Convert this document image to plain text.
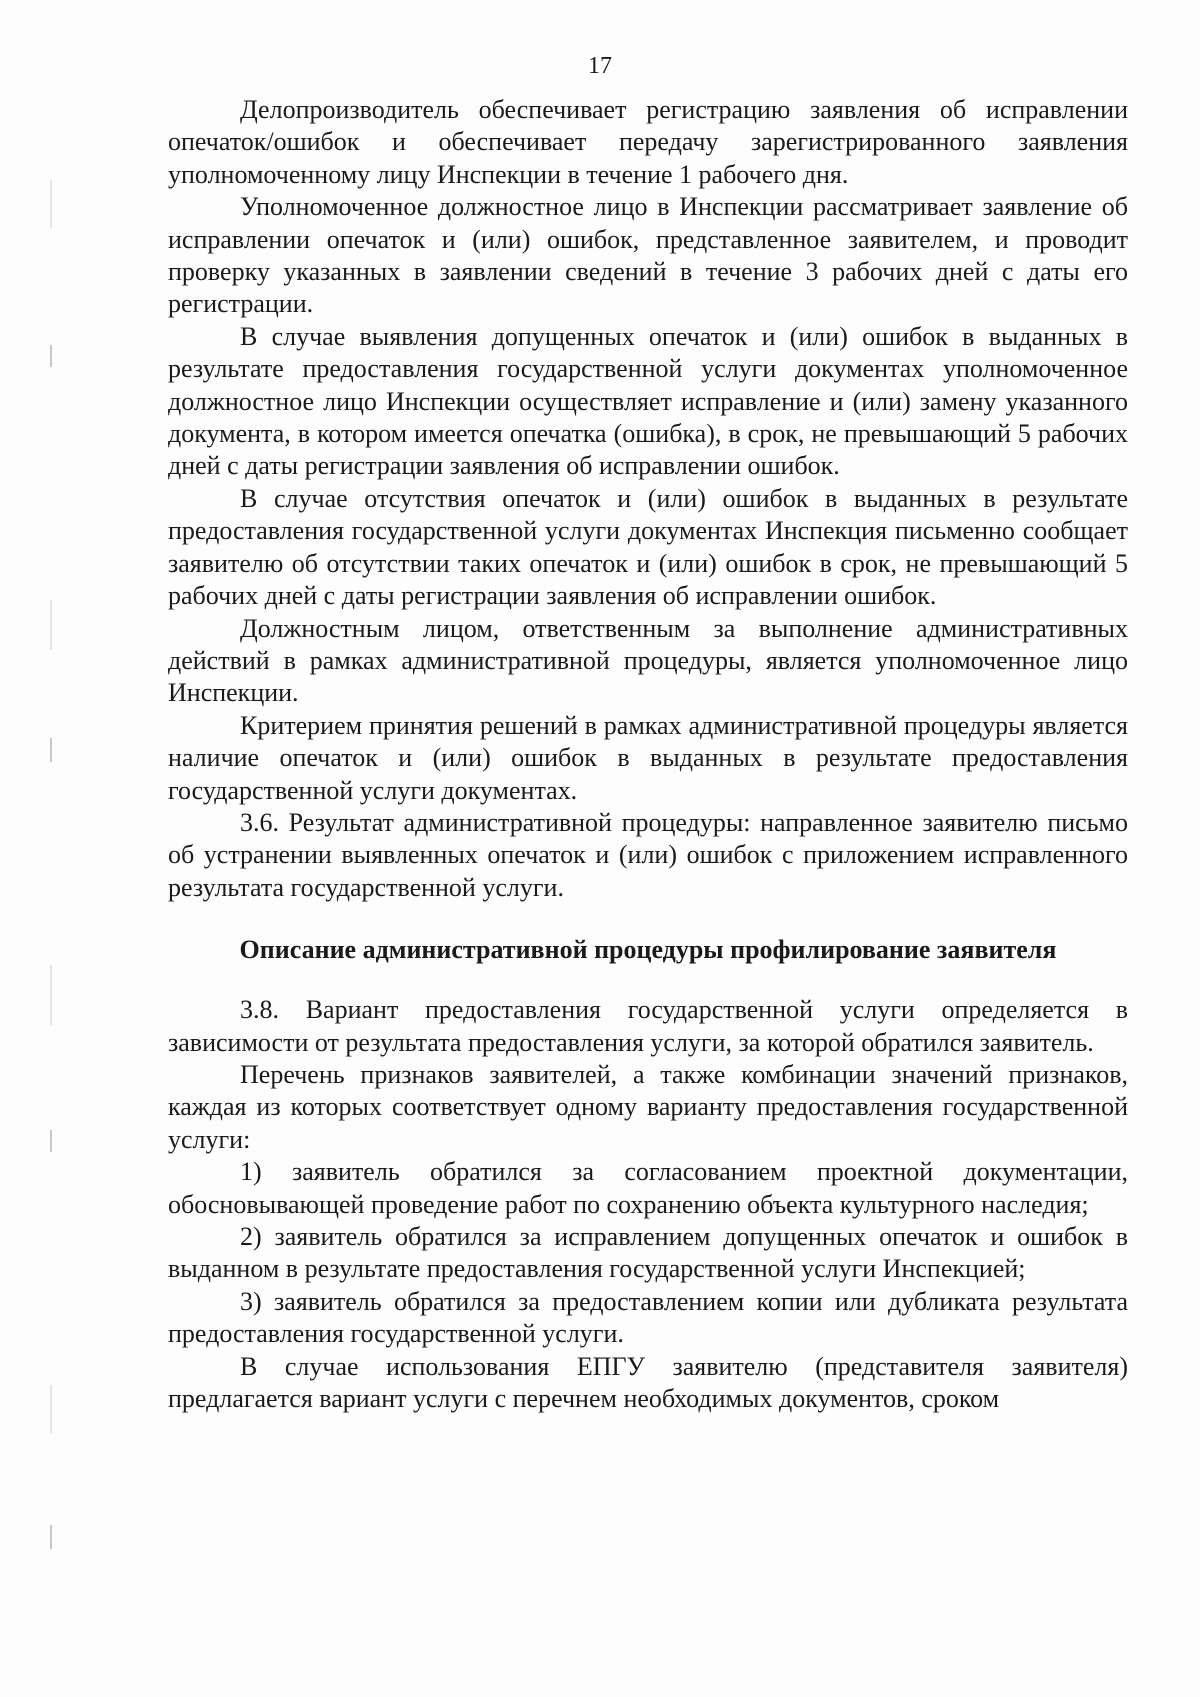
17

Делопроизводитель обеспечивает регистрацию заявления об исправлении опечаток/ошибок и обеспечивает передачу зарегистрированного заявления уполномоченному лицу Инспекции в течение 1 рабочего дня.

Уполномоченное должностное лицо в Инспекции рассматривает заявление об исправлении опечаток и (или) ошибок, представленное заявителем, и проводит проверку указанных в заявлении сведений в течение 3 рабочих дней с даты его регистрации.

В случае выявления допущенных опечаток и (или) ошибок в выданных в результате предоставления государственной услуги документах уполномоченное должностное лицо Инспекции осуществляет исправление и (или) замену указанного документа, в котором имеется опечатка (ошибка), в срок, не превышающий 5 рабочих дней с даты регистрации заявления об исправлении ошибок.

В случае отсутствия опечаток и (или) ошибок в выданных в результате предоставления государственной услуги документах Инспекция письменно сообщает заявителю об отсутствии таких опечаток и (или) ошибок в срок, не превышающий 5 рабочих дней с даты регистрации заявления об исправлении ошибок.

Должностным лицом, ответственным за выполнение административных действий в рамках административной процедуры, является уполномоченное лицо Инспекции.

Критерием принятия решений в рамках административной процедуры является наличие опечаток и (или) ошибок в выданных в результате предоставления государственной услуги документах.

3.6. Результат административной процедуры: направленное заявителю письмо об устранении выявленных опечаток и (или) ошибок с приложением исправленного результата государственной услуги.

Описание административной процедуры профилирование заявителя

3.8. Вариант предоставления государственной услуги определяется в зависимости от результата предоставления услуги, за которой обратился заявитель.

Перечень признаков заявителей, а также комбинации значений признаков, каждая из которых соответствует одному варианту предоставления государственной услуги:

1) заявитель обратился за согласованием проектной документации, обосновывающей проведение работ по сохранению объекта культурного наследия;

2) заявитель обратился за исправлением допущенных опечаток и ошибок в выданном в результате предоставления государственной услуги Инспекцией;

3) заявитель обратился за предоставлением копии или дубликата результата предоставления государственной услуги.

В случае использования ЕПГУ заявителю (представителя заявителя) предлагается вариант услуги с перечнем необходимых документов, сроком
